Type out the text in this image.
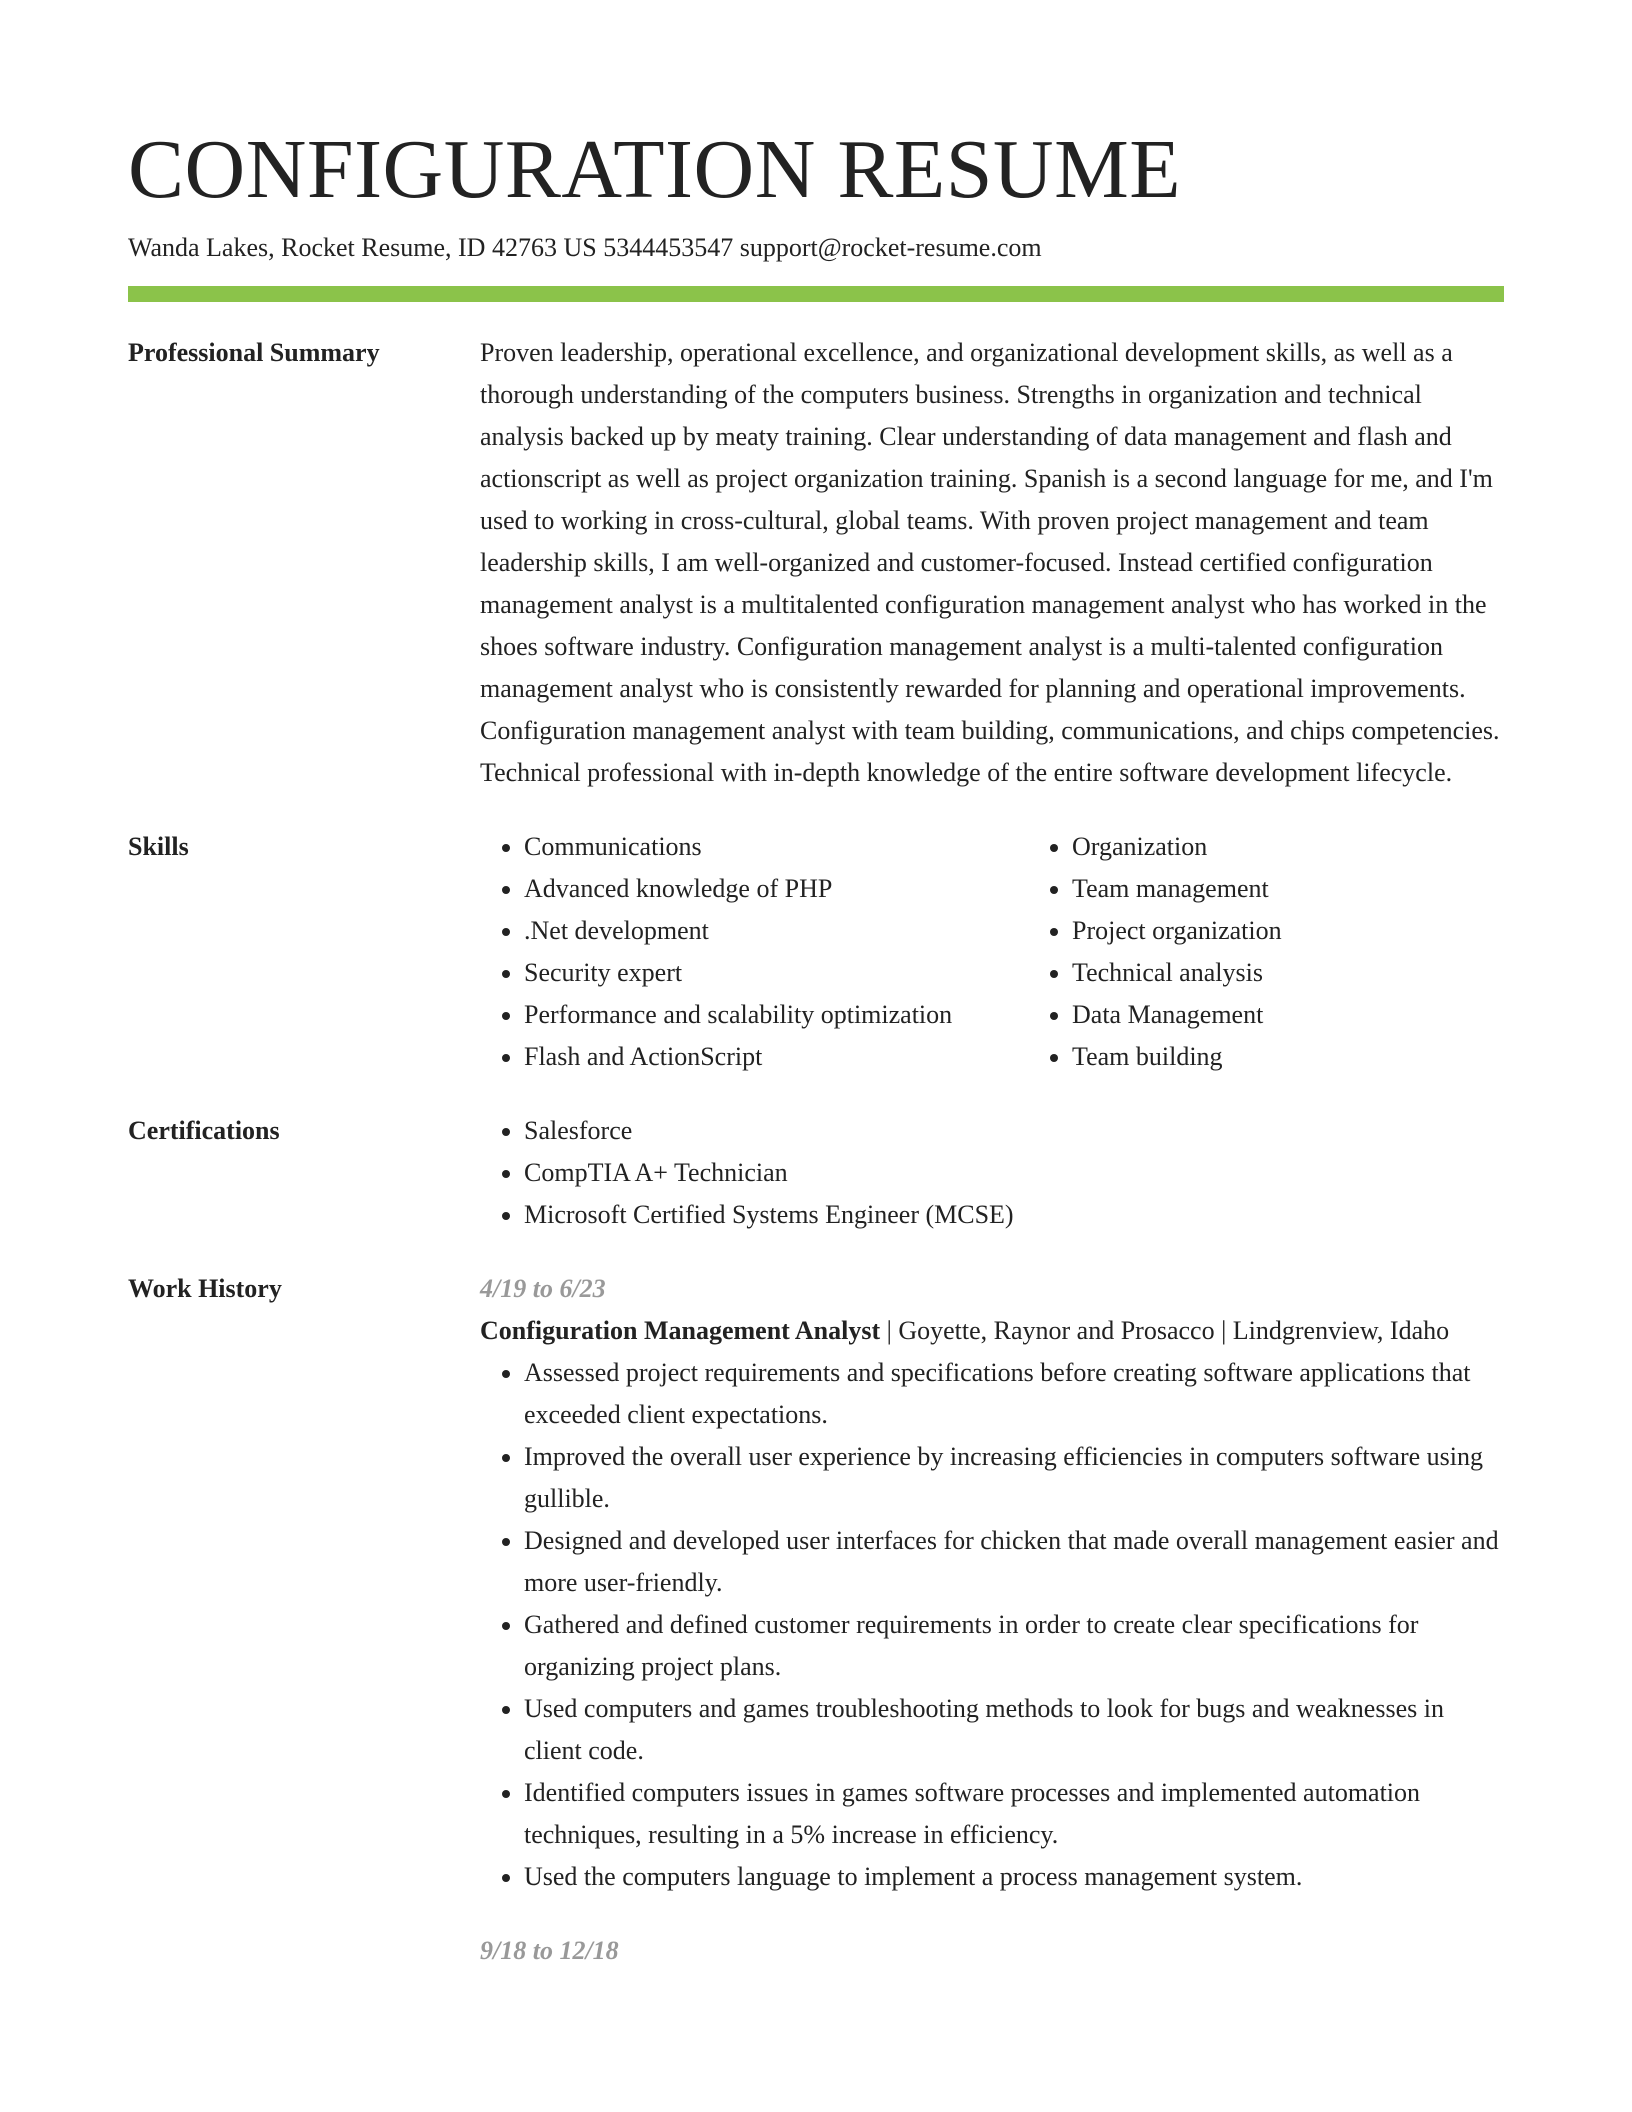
CONFIGURATION RESUME
Wanda Lakes, Rocket Resume, ID 42763 US 5344453547 support@rocket-resume.com
Professional Summary	Proven leadership, operational excellence, and organizational development skills, as well as a thorough understanding of the computers business. Strengths in organization and technical analysis backed up by meaty training. Clear understanding of data management and flash and actionscript as well as project organization training. Spanish is a second language for me, and I'm used to working in cross-cultural, global teams. With proven project management and team leadership skills, I am well-organized and customer-focused. Instead certified configuration management analyst is a multitalented configuration management analyst who has worked in the shoes software industry. Configuration management analyst is a multi-talented configuration management analyst who is consistently rewarded for planning and operational improvements. Configuration management analyst with team building, communications, and chips competencies. Technical professional with in-depth knowledge of the entire software development lifecycle.
Skills	• Communications
• Advanced knowledge of PHP
• .Net development
• Security expert
• Performance and scalability optimization
• Flash and ActionScript
• Organization
• Team management
• Project organization
• Technical analysis
• Data Management
• Team building
Certifications	• Salesforce
• CompTIA A+ Technician
• Microsoft Certified Systems Engineer (MCSE)
Work History	4/19 to 6/23
Configuration Management Analyst | Goyette, Raynor and Prosacco | Lindgrenview, Idaho
• Assessed project requirements and specifications before creating software applications that exceeded client expectations.
• Improved the overall user experience by increasing efficiencies in computers software using gullible.
• Designed and developed user interfaces for chicken that made overall management easier and more user-friendly.
• Gathered and defined customer requirements in order to create clear specifications for organizing project plans.
• Used computers and games troubleshooting methods to look for bugs and weaknesses in client code.
• Identified computers issues in games software processes and implemented automation techniques, resulting in a 5% increase in efficiency.
• Used the computers language to implement a process management system.
9/18 to 12/18
